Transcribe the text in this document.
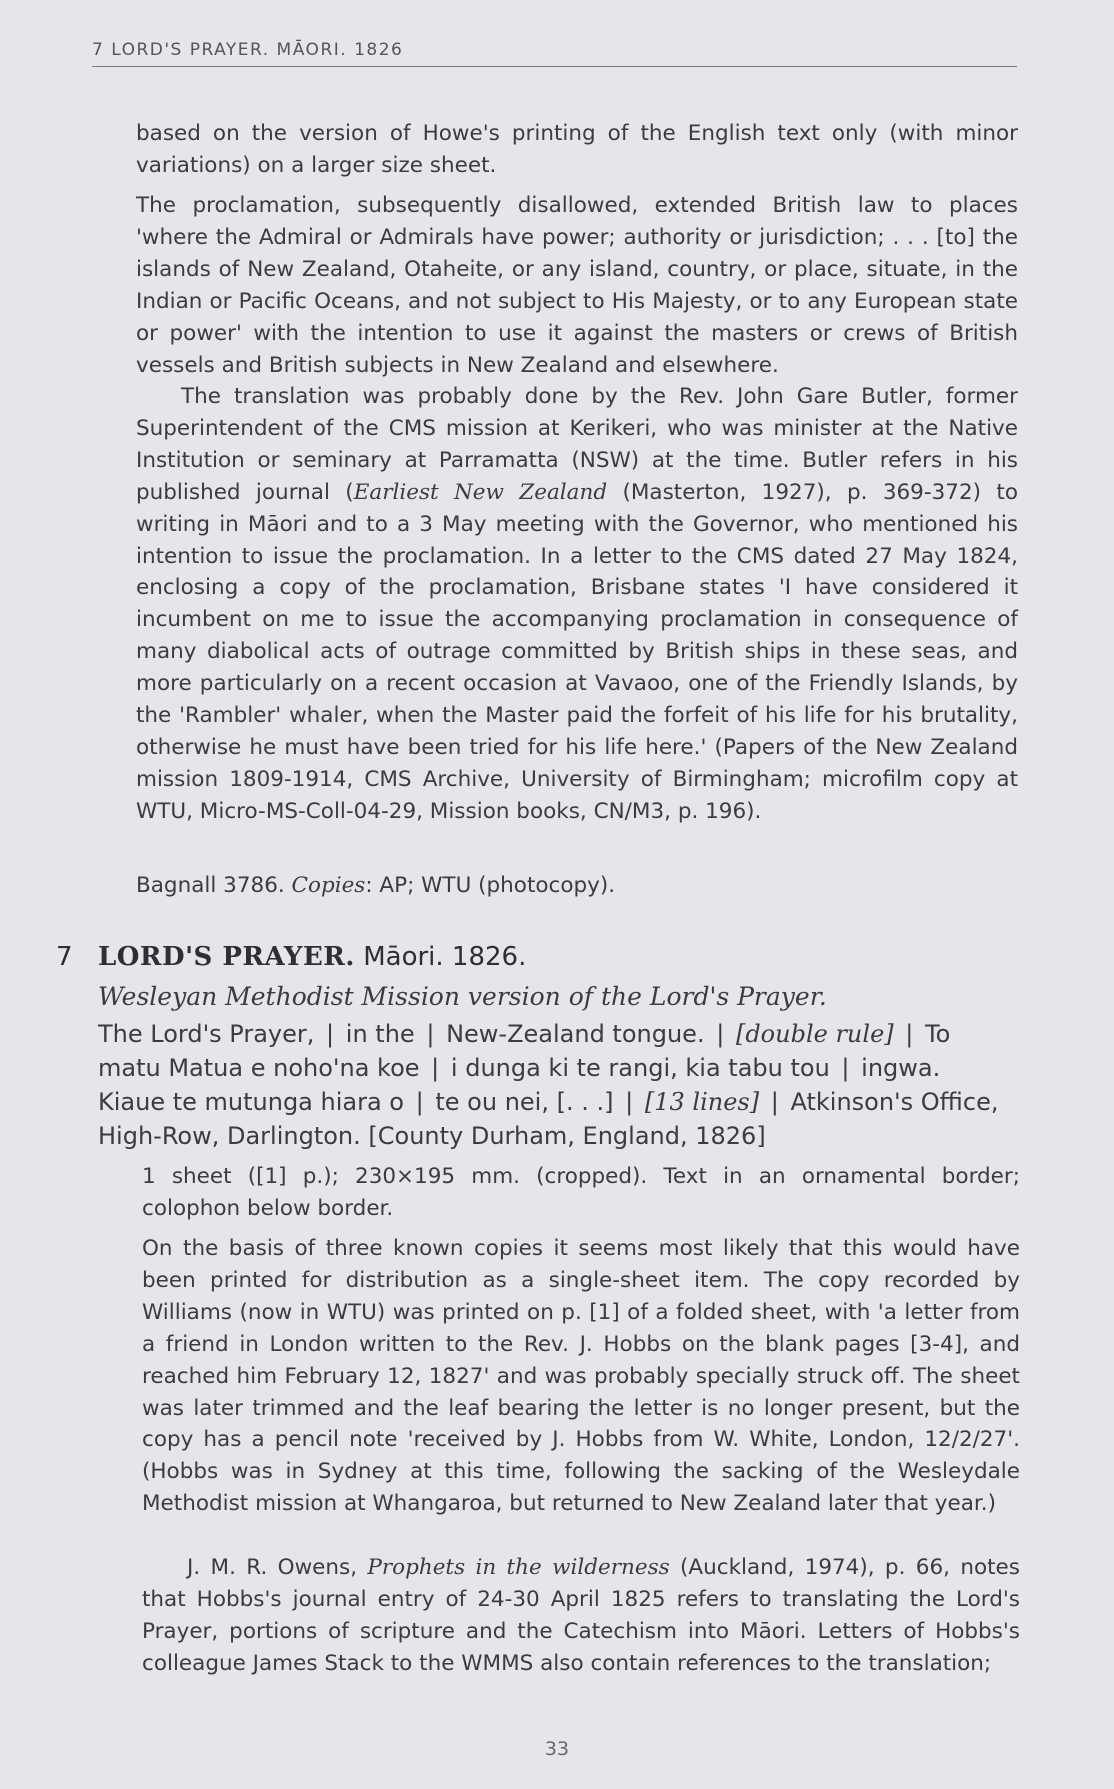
7 LORD'S PRAYER. MĀORI. 1826

based on the version of Howe's printing of the English text only (with minor variations) on a larger size sheet.

The proclamation, subsequently disallowed, extended British law to places 'where the Admiral or Admirals have power; authority or jurisdiction; . . . [to] the islands of New Zealand, Otaheite, or any island, country, or place, situate, in the Indian or Pacific Oceans, and not subject to His Majesty, or to any European state or power' with the intention to use it against the masters or crews of British vessels and British subjects in New Zealand and elsewhere.

The translation was probably done by the Rev. John Gare Butler, former Superintendent of the CMS mission at Kerikeri, who was minister at the Native Institution or seminary at Parramatta (NSW) at the time. Butler refers in his published journal (Earliest New Zealand (Masterton, 1927), p. 369-372) to writing in Māori and to a 3 May meeting with the Governor, who mentioned his intention to issue the proclamation. In a letter to the CMS dated 27 May 1824, enclosing a copy of the proclamation, Brisbane states 'I have considered it incumbent on me to issue the accompanying proclamation in consequence of many diabolical acts of outrage committed by British ships in these seas, and more particularly on a recent occasion at Vavaoo, one of the Friendly Islands, by the 'Rambler' whaler, when the Master paid the forfeit of his life for his brutality, otherwise he must have been tried for his life here.' (Papers of the New Zealand mission 1809-1914, CMS Archive, University of Birmingham; microfilm copy at WTU, Micro-MS-Coll-04-29, Mission books, CN/M3, p. 196).

Bagnall 3786. Copies: AP; WTU (photocopy).

7 LORD'S PRAYER. Māori. 1826.
Wesleyan Methodist Mission version of the Lord's Prayer.

The Lord's Prayer, | in the | New-Zealand tongue. | [double rule] | To matu Matua e noho'na koe | i dunga ki te rangi, kia tabu tou | ingwa. Kiaue te mutunga hiara o | te ou nei, [. . .] | [13 lines] | Atkinson's Office, High-Row, Darlington. [County Durham, England, 1826]

1 sheet ([1] p.); 230×195 mm. (cropped). Text in an ornamental border; colophon below border.

On the basis of three known copies it seems most likely that this would have been printed for distribution as a single-sheet item. The copy recorded by Williams (now in WTU) was printed on p. [1] of a folded sheet, with 'a letter from a friend in London written to the Rev. J. Hobbs on the blank pages [3-4], and reached him February 12, 1827' and was probably specially struck off. The sheet was later trimmed and the leaf bearing the letter is no longer present, but the copy has a pencil note 'received by J. Hobbs from W. White, London, 12/2/27'. (Hobbs was in Sydney at this time, following the sacking of the Wesleydale Methodist mission at Whangaroa, but returned to New Zealand later that year.)

J. M. R. Owens, Prophets in the wilderness (Auckland, 1974), p. 66, notes that Hobbs's journal entry of 24-30 April 1825 refers to translating the Lord's Prayer, portions of scripture and the Catechism into Māori. Letters of Hobbs's colleague James Stack to the WMMS also contain references to the translation;

33
